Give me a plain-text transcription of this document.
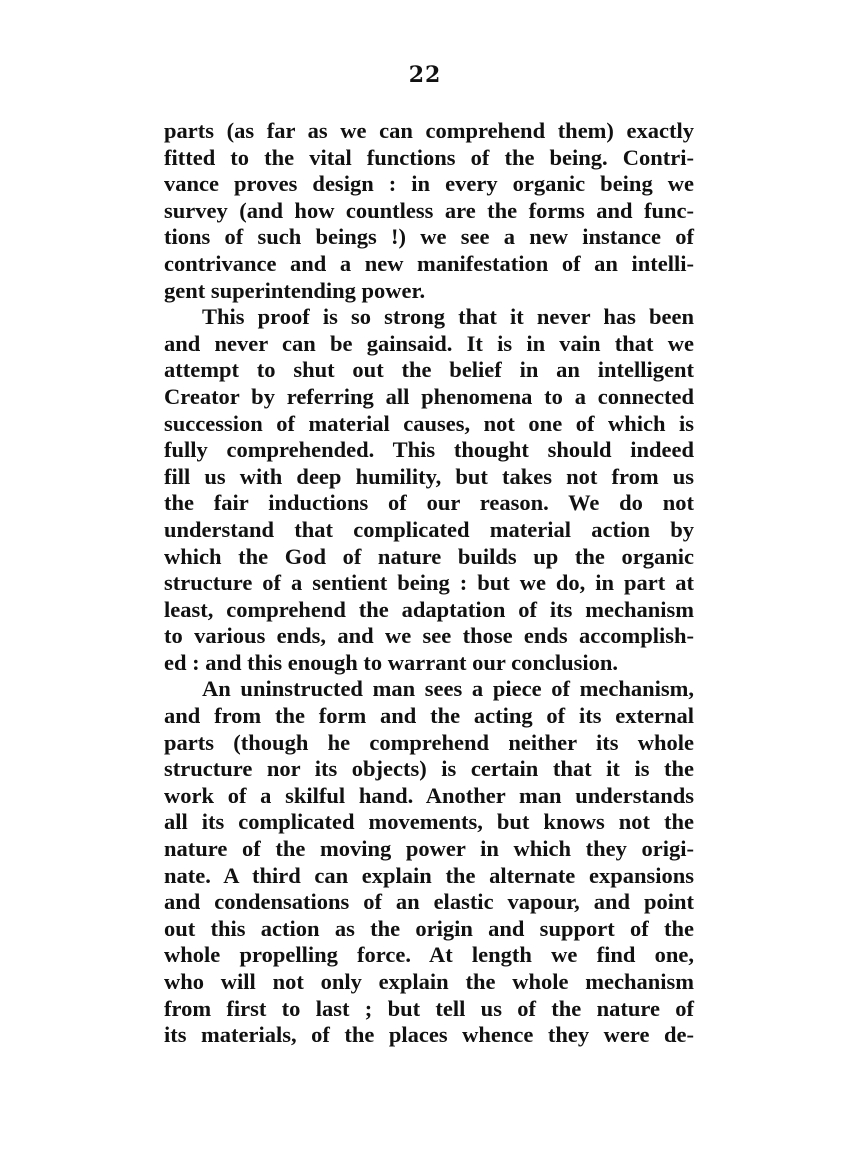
22
parts (as far as we can comprehend them) exactly
fitted to the vital functions of the being. Contri-
vance proves design : in every organic being we
survey (and how countless are the forms and func-
tions of such beings !) we see a new instance of
contrivance and a new manifestation of an intelli-
gent superintending power.
This proof is so strong that it never has been
and never can be gainsaid. It is in vain that we
attempt to shut out the belief in an intelligent
Creator by referring all phenomena to a connected
succession of material causes, not one of which is
fully comprehended. This thought should indeed
fill us with deep humility, but takes not from us
the fair inductions of our reason. We do not
understand that complicated material action by
which the God of nature builds up the organic
structure of a sentient being : but we do, in part at
least, comprehend the adaptation of its mechanism
to various ends, and we see those ends accomplish-
ed : and this enough to warrant our conclusion.
An uninstructed man sees a piece of mechanism,
and from the form and the acting of its external
parts (though he comprehend neither its whole
structure nor its objects) is certain that it is the
work of a skilful hand. Another man understands
all its complicated movements, but knows not the
nature of the moving power in which they origi-
nate. A third can explain the alternate expansions
and condensations of an elastic vapour, and point
out this action as the origin and support of the
whole propelling force. At length we find one,
who will not only explain the whole mechanism
from first to last ; but tell us of the nature of
its materials, of the places whence they were de-
